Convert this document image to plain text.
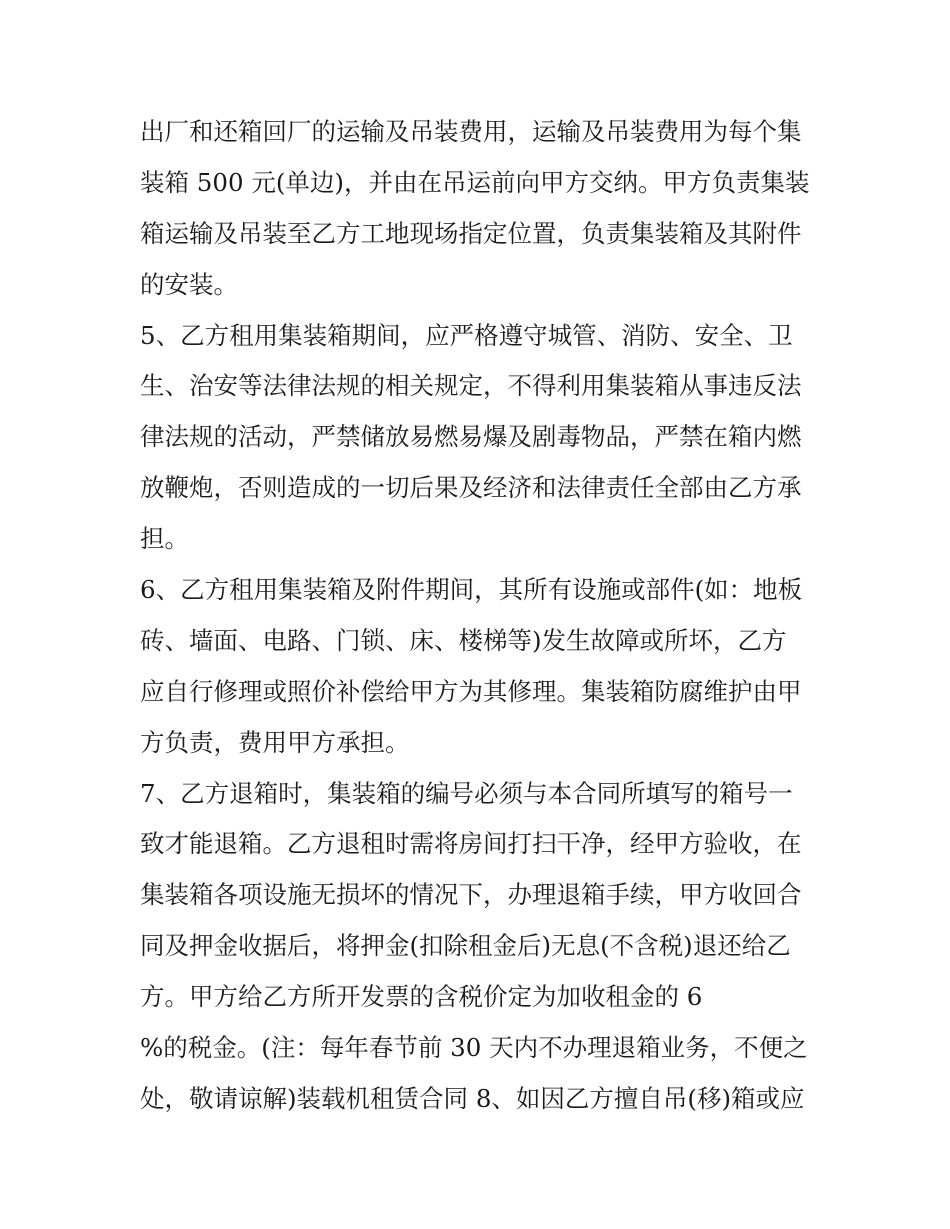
出厂和还箱回厂的运输及吊装费用，运输及吊装费用为每个集
装箱 500 元(单边)，并由在吊运前向甲方交纳。甲方负责集装
箱运输及吊装至乙方工地现场指定位置，负责集装箱及其附件
的安装。
5、乙方租用集装箱期间，应严格遵守城管、消防、安全、卫
生、治安等法律法规的相关规定，不得利用集装箱从事违反法
律法规的活动，严禁储放易燃易爆及剧毒物品，严禁在箱内燃
放鞭炮，否则造成的一切后果及经济和法律责任全部由乙方承
担。
6、乙方租用集装箱及附件期间，其所有设施或部件(如：地板
砖、墙面、电路、门锁、床、楼梯等)发生故障或所坏，乙方
应自行修理或照价补偿给甲方为其修理。集装箱防腐维护由甲
方负责，费用甲方承担。
7、乙方退箱时，集装箱的编号必须与本合同所填写的箱号一
致才能退箱。乙方退租时需将房间打扫干净，经甲方验收，在
集装箱各项设施无损坏的情况下，办理退箱手续，甲方收回合
同及押金收据后，将押金(扣除租金后)无息(不含税)退还给乙
方。甲方给乙方所开发票的含税价定为加收租金的 6
%的税金。(注：每年春节前 30 天内不办理退箱业务，不便之
处，敬请谅解)装载机租赁合同 8、如因乙方擅自吊(移)箱或应
